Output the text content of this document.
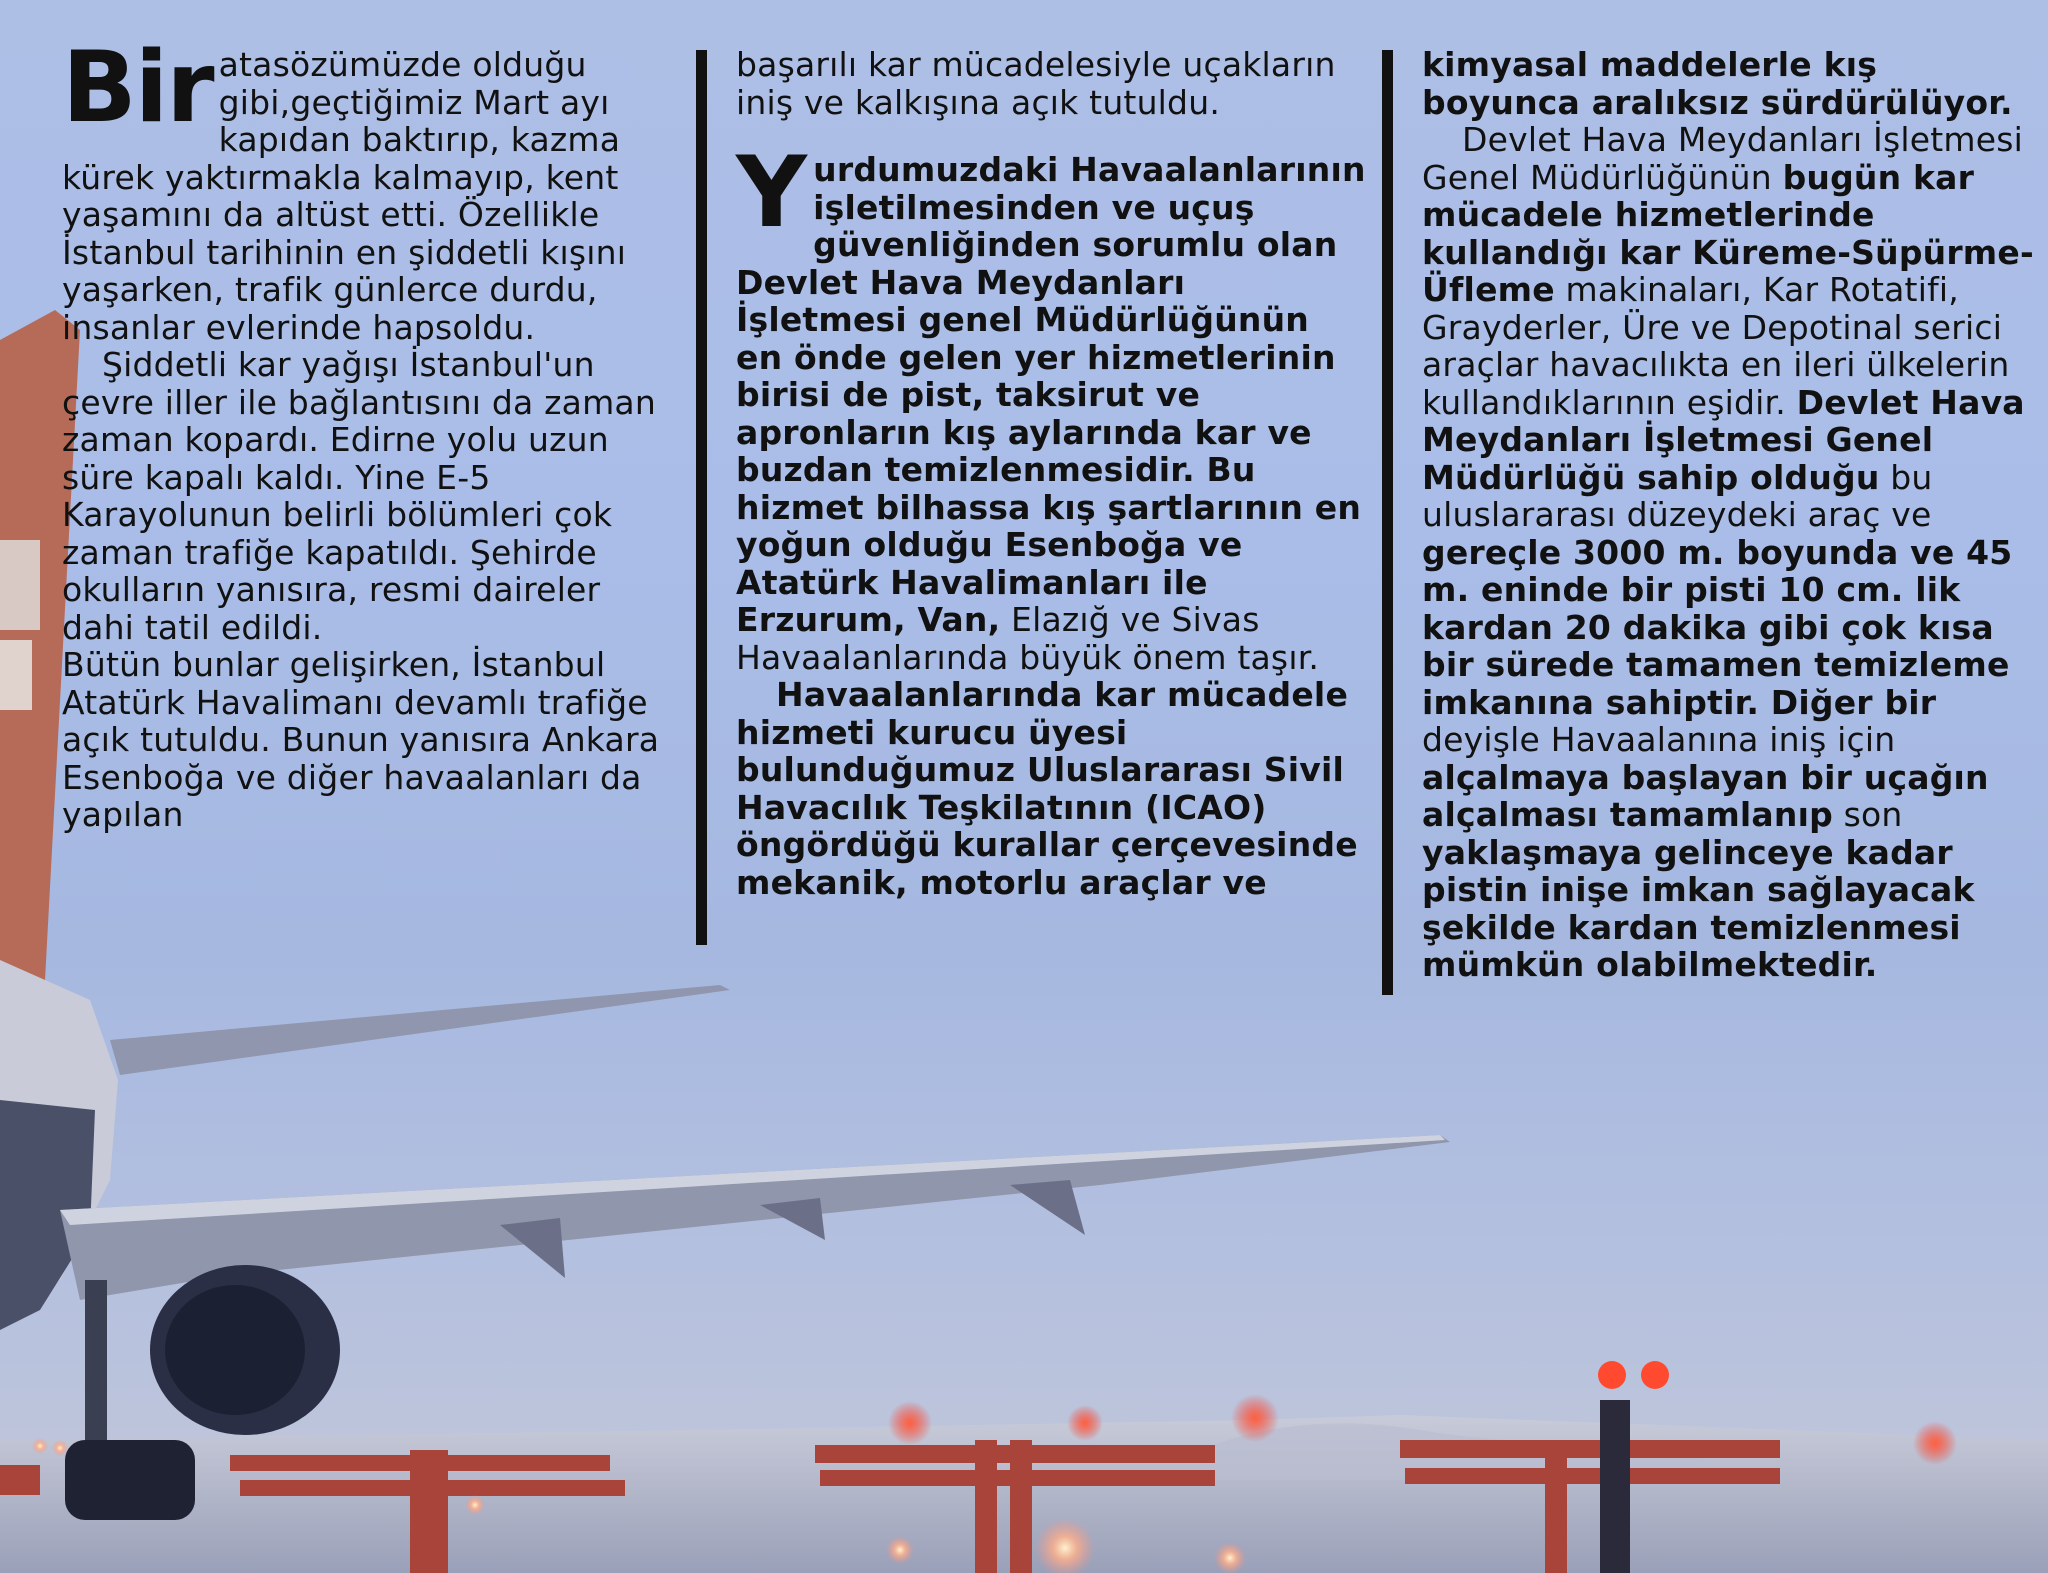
Bir atasözümüzde olduğu gibi,geçtiğimiz Mart ayı kapıdan baktırıp, kazma kürek yaktırmakla kalmayıp, kent yaşamını da altüst etti. Özellikle İstanbul tarihinin en şiddetli kışını yaşarken, trafik günlerce durdu, insanlar evlerinde hapsoldu.

Şiddetli kar yağışı İstanbul'un çevre iller ile bağlantısını da zaman zaman kopardı. Edirne yolu uzun süre kapalı kaldı. Yine E-5 Karayolunun belirli bölümleri çok zaman trafiğe kapatıldı. Şehirde okulların yanısıra, resmi daireler dahi tatil edildi.

Bütün bunlar gelişirken, İstanbul Atatürk Havalimanı devamlı trafiğe açık tutuldu. Bunun yanısıra Ankara Esenboğa ve diğer havaalanları da yapılan

başarılı kar mücadelesiyle uçakların iniş ve kalkışına açık tutuldu.

Y urdumuzdaki Havaalanlarının işletilmesinden ve uçuş güvenliğinden sorumlu olan Devlet Hava Meydanları İşletmesi genel Müdürlüğünün en önde gelen yer hizmetlerinin birisi de pist, taksirut ve apronların kış aylarında kar ve buzdan temizlenmesidir. Bu hizmet bilhassa kış şartlarının en yoğun olduğu Esenboğa ve Atatürk Havalimanları ile Erzurum, Van, Elazığ ve Sivas Havaalanlarında büyük önem taşır.

Havaalanlarında kar mücadele hizmeti kurucu üyesi bulunduğumuz Uluslararası Sivil Havacılık Teşkilatının (ICAO) öngördüğü kurallar çerçevesinde mekanik, motorlu araçlar ve

kimyasal maddelerle kış boyunca aralıksız sürdürülüyor.

Devlet Hava Meydanları İşletmesi Genel Müdürlüğünün bugün kar mücadele hizmetlerinde kullandığı kar Küreme-Süpürme-Üfleme makinaları, Kar Rotatifi, Grayderler, Üre ve Depotinal serici araçlar havacılıkta en ileri ülkelerin kullandıklarının eşidir. Devlet Hava Meydanları İşletmesi Genel Müdürlüğü sahip olduğu bu uluslararası düzeydeki araç ve gereçle 3000 m. boyunda ve 45 m. eninde bir pisti 10 cm. lik kardan 20 dakika gibi çok kısa bir sürede tamamen temizleme imkanına sahiptir. Diğer bir deyişle Havaalanına iniş için alçalmaya başlayan bir uçağın alçalması tamamlanıp son yaklaşmaya gelinceye kadar pistin inişe imkan sağlayacak şekilde kardan temizlenmesi mümkün olabilmektedir.
